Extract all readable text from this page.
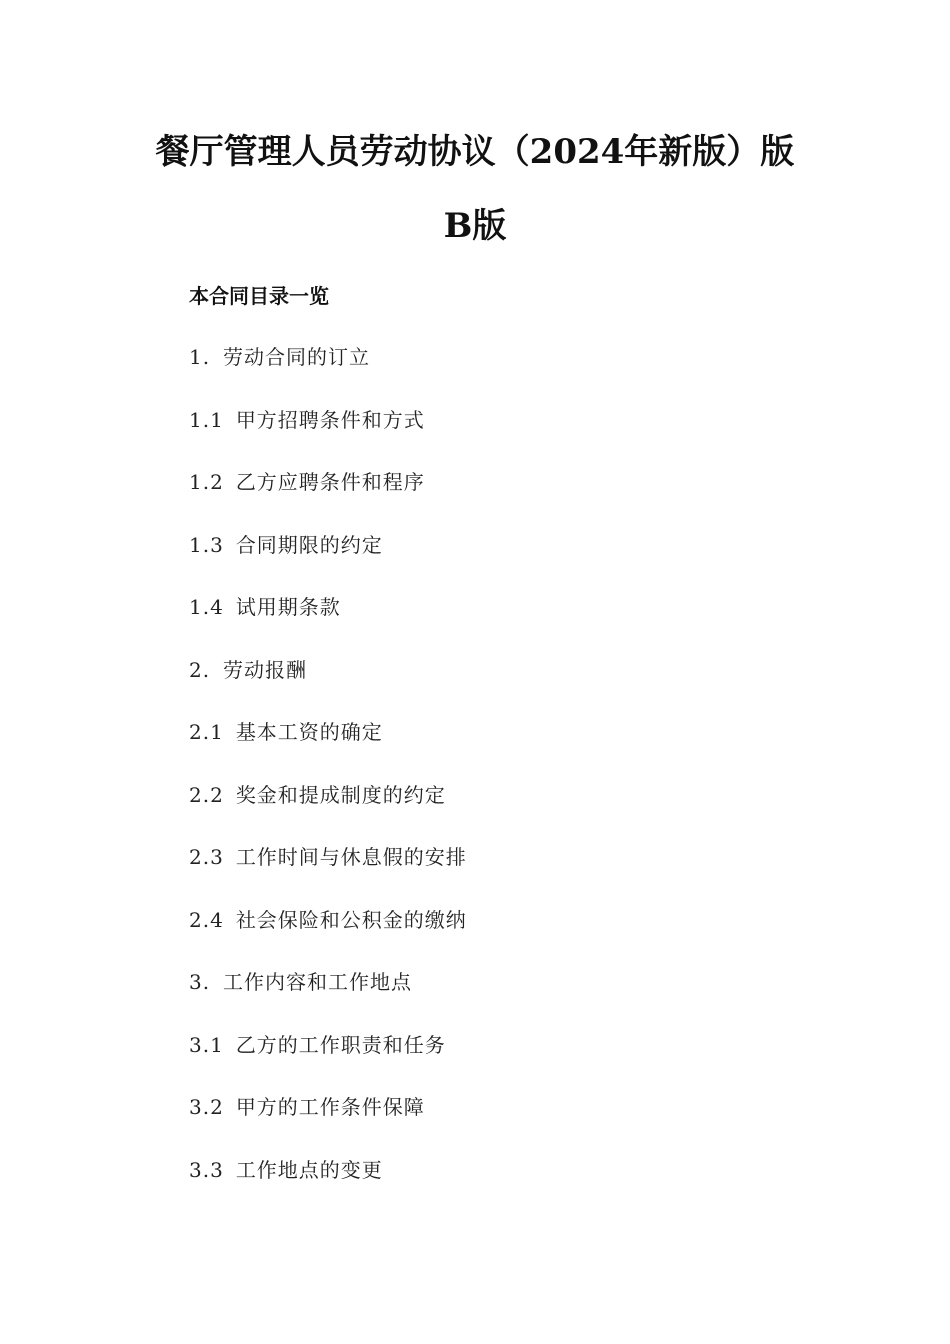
餐厅管理人员劳动协议（2024年新版）版
B版
本合同目录一览
1. 劳动合同的订立
1.1 甲方招聘条件和方式
1.2 乙方应聘条件和程序
1.3 合同期限的约定
1.4 试用期条款
2. 劳动报酬
2.1 基本工资的确定
2.2 奖金和提成制度的约定
2.3 工作时间与休息假的安排
2.4 社会保险和公积金的缴纳
3. 工作内容和工作地点
3.1 乙方的工作职责和任务
3.2 甲方的工作条件保障
3.3 工作地点的变更
